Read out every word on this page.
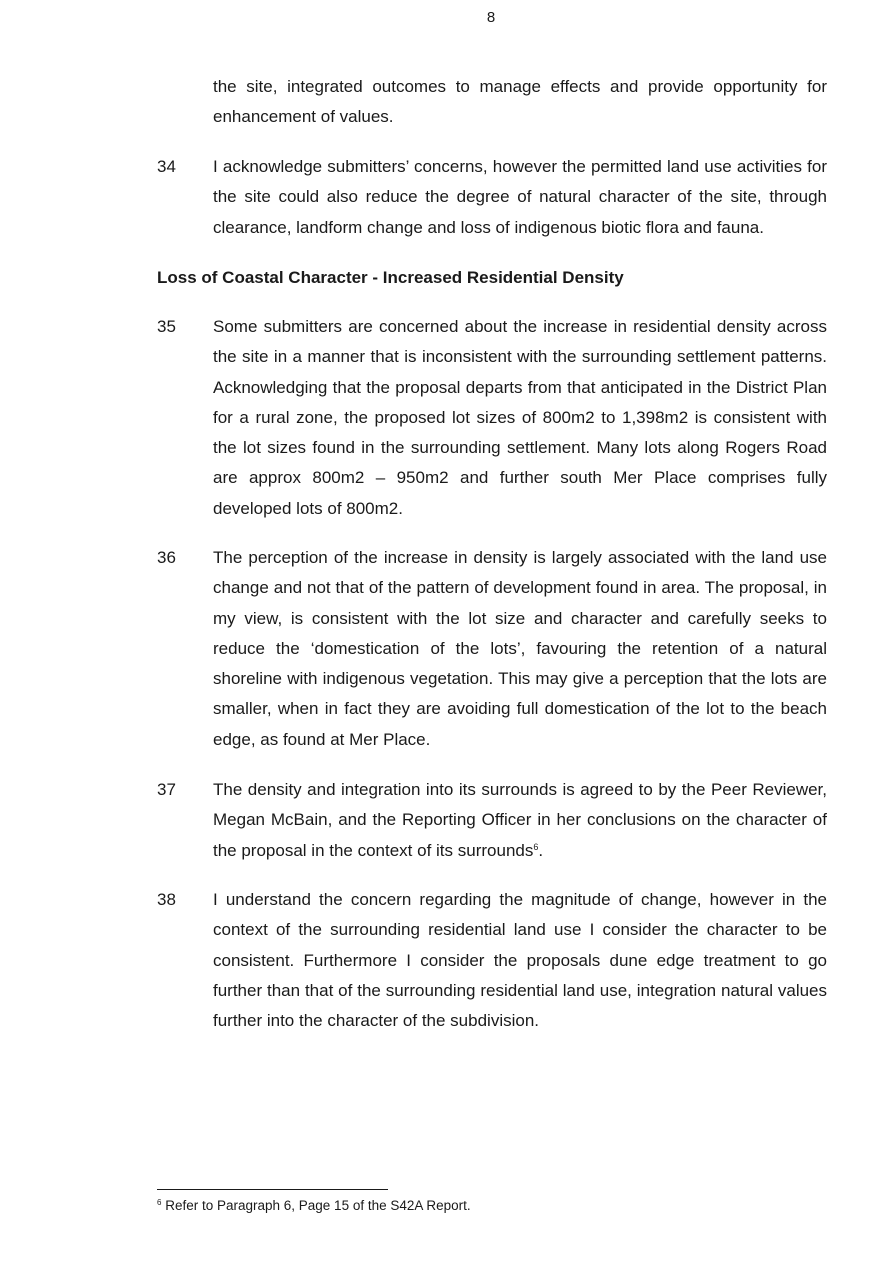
8
the site, integrated outcomes to manage effects and provide opportunity for enhancement of values.
34 I acknowledge submitters’ concerns, however the permitted land use activities for the site could also reduce the degree of natural character of the site, through clearance, landform change and loss of indigenous biotic flora and fauna.
Loss of Coastal Character - Increased Residential Density
35 Some submitters are concerned about the increase in residential density across the site in a manner that is inconsistent with the surrounding settlement patterns. Acknowledging that the proposal departs from that anticipated in the District Plan for a rural zone, the proposed lot sizes of 800m2 to 1,398m2 is consistent with the lot sizes found in the surrounding settlement. Many lots along Rogers Road are approx 800m2 – 950m2 and further south Mer Place comprises fully developed lots of 800m2.
36 The perception of the increase in density is largely associated with the land use change and not that of the pattern of development found in area. The proposal, in my view, is consistent with the lot size and character and carefully seeks to reduce the ‘domestication of the lots’, favouring the retention of a natural shoreline with indigenous vegetation. This may give a perception that the lots are smaller, when in fact they are avoiding full domestication of the lot to the beach edge, as found at Mer Place.
37 The density and integration into its surrounds is agreed to by the Peer Reviewer, Megan McBain, and the Reporting Officer in her conclusions on the character of the proposal in the context of its surrounds$^6$.
38 I understand the concern regarding the magnitude of change, however in the context of the surrounding residential land use I consider the character to be consistent. Furthermore I consider the proposals dune edge treatment to go further than that of the surrounding residential land use, integration natural values further into the character of the subdivision.
$^6$ Refer to Paragraph 6, Page 15 of the S42A Report.
